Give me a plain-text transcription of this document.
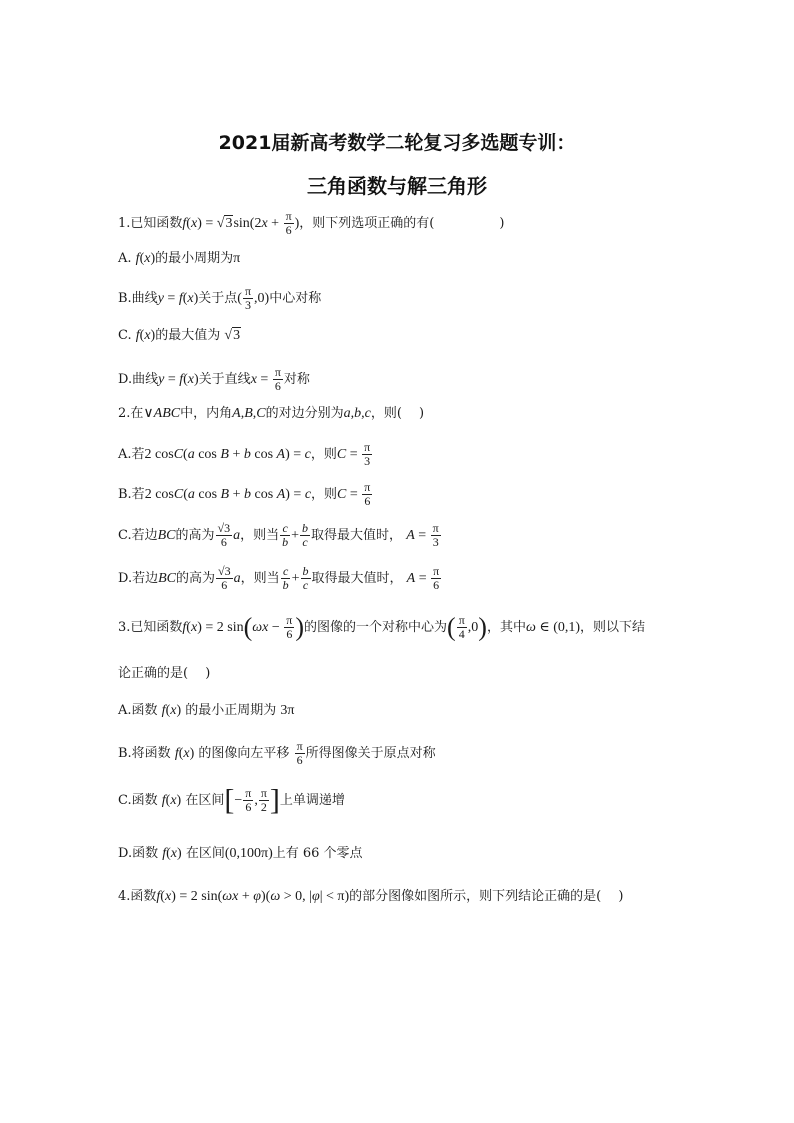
2021届新高考数学二轮复习多选题专训：
三角函数与解三角形
1.已知函数$f(x) = √3\sin(2x + \frac{\pi}{6}$ )，则下列选项正确的有(　　　　　)
A. f(x)的最小周期为π
B.曲线y = f(x)关于点( $\frac{\pi}{3} ,0$)中心对称
C. f(x)的最大值为 √3
D.曲线y = f(x)关于直线$x = \frac{\pi}{6}$ 对称
2.在∨ABC中，内角A,B,C的对边分别为a,b,c，则(　 )
A.若2 cosC(a cos B + b cos A) = c，则$C = \frac{\pi}{3}$
B.若2 cosC(a cos B + b cos A) = c，则$C = \frac{\pi}{6}$
C.若边BC的高为 $\frac{√3}{6}$ a，则当 $\frac{c}{b} + \frac{b}{c}$ 取得最大值时， $A = \frac{\pi}{3}$
D.若边BC的高为 $\frac{√3}{6}$ a，则当 $\frac{c}{b} + \frac{b}{c}$ 取得最大值时， $A = \frac{\pi}{6}$
3.已知函数f(x) = 2 $\sin(\omega x - \frac{\pi}{6}$ )的图像的一个对称中心为( $\frac{\pi}{4} ,0$)，其中ω ∈ (0,1)，则以下结
论正确的是(　 )
A.函数 f(x) 的最小正周期为 3π
B.将函数 f(x) 的图像向左平移 $\frac{\pi}{6}$ 所得图像关于原点对称
C.函数 f(x) 在区间[− $\frac{\pi}{6}$ , $\frac{\pi}{2}$ ]上单调递增
D.函数 f(x) 在区间(0,100π)上有 66 个零点
4.函数f(x) = 2 sin(ωx + φ)(ω > 0, |φ| < π)的部分图像如图所示，则下列结论正确的是(　 )
